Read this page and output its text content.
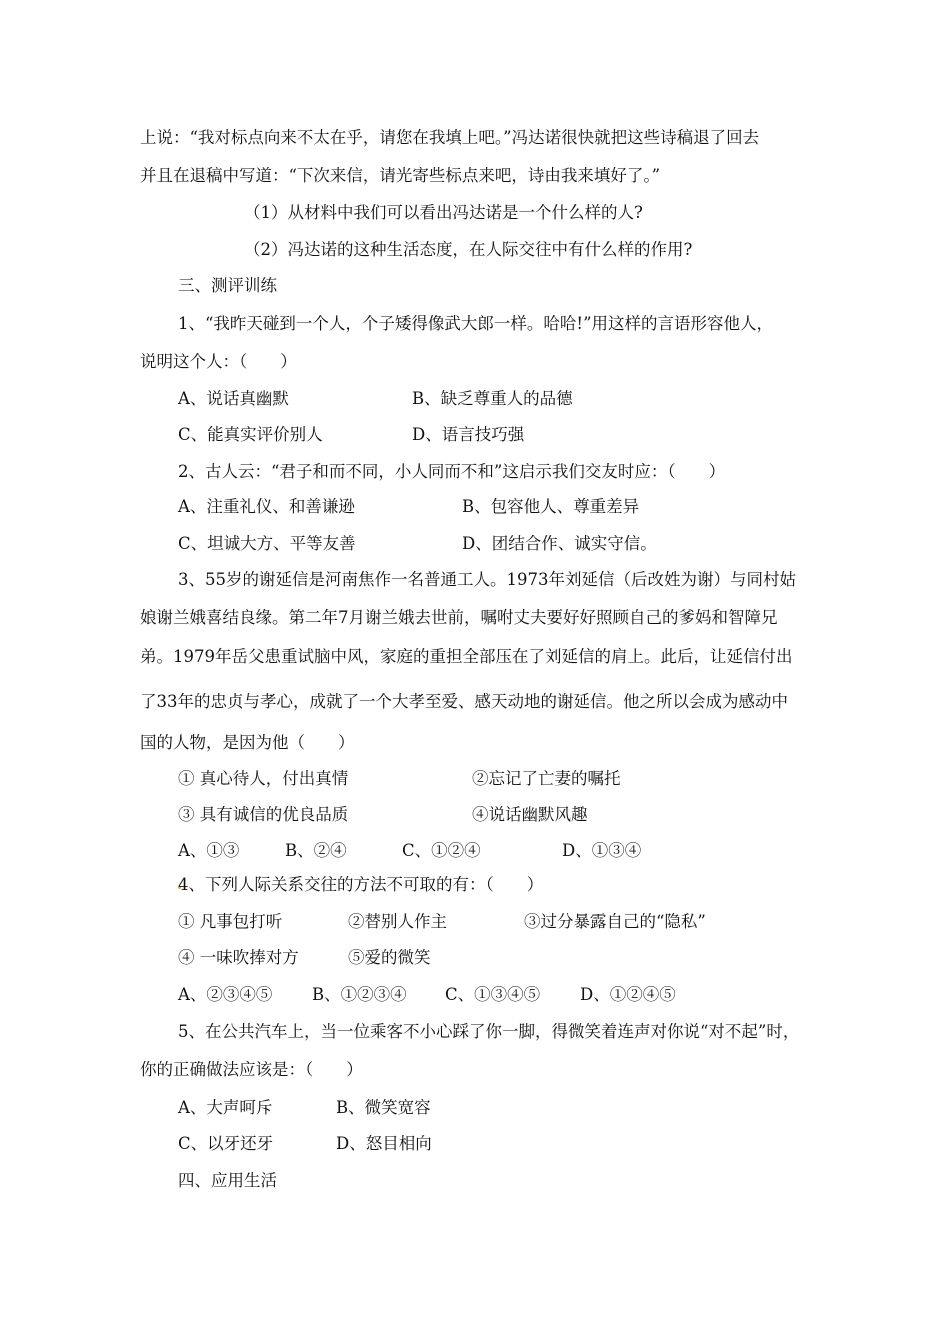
上说：“我对标点向来不太在乎，请您在我填上吧。”冯达诺很快就把这些诗稿退了回去
并且在退稿中写道：“下次来信，请光寄些标点来吧，诗由我来填好了。”
（1）从材料中我们可以看出冯达诺是一个什么样的人?
（2）冯达诺的这种生活态度，在人际交往中有什么样的作用?
三、测评训练
1、“我昨天碰到一个人，个子矮得像武大郎一样。哈哈!”用这样的言语形容他人，
说明这个人：（　　）
A、说话真幽默	B、缺乏尊重人的品德
C、能真实评价别人	D、语言技巧强
2、古人云：“君子和而不同，小人同而不和”这启示我们交友时应：（　　）
A、注重礼仪、和善谦逊	B、包容他人、尊重差异
C、坦诚大方、平等友善	D、团结合作、诚实守信。
3、55岁的谢延信是河南焦作一名普通工人。1973年刘延信（后改姓为谢）与同村姑
娘谢兰娥喜结良缘。第二年7月谢兰娥去世前，嘱咐丈夫要好好照顾自己的爹妈和智障兄
弟。1979年岳父患重试脑中风，家庭的重担全部压在了刘延信的肩上。此后，让延信付出
了33年的忠贞与孝心，成就了一个大孝至爱、感天动地的谢延信。他之所以会成为感动中
国的人物，是因为他（　　）
① 真心待人，付出真情	②忘记了亡妻的嘱托
③ 具有诚信的优良品质	④说话幽默风趣
A、①③	B、②④	C、①②④	D、①③④
4、下列人际关系交往的方法不可取的有：（　　）
① 凡事包打听	②替别人作主	③过分暴露自己的“隐私”
④ 一味吹捧对方	⑤爱的微笑
A、②③④⑤ B、①②③④ C、①③④⑤ D、①②④⑤
5、在公共汽车上，当一位乘客不小心踩了你一脚，得微笑着连声对你说“对不起”时，
你的正确做法应该是：（　　）
A、大声呵斥	B、微笑宽容
C、以牙还牙	D、怒目相向
四、应用生活
